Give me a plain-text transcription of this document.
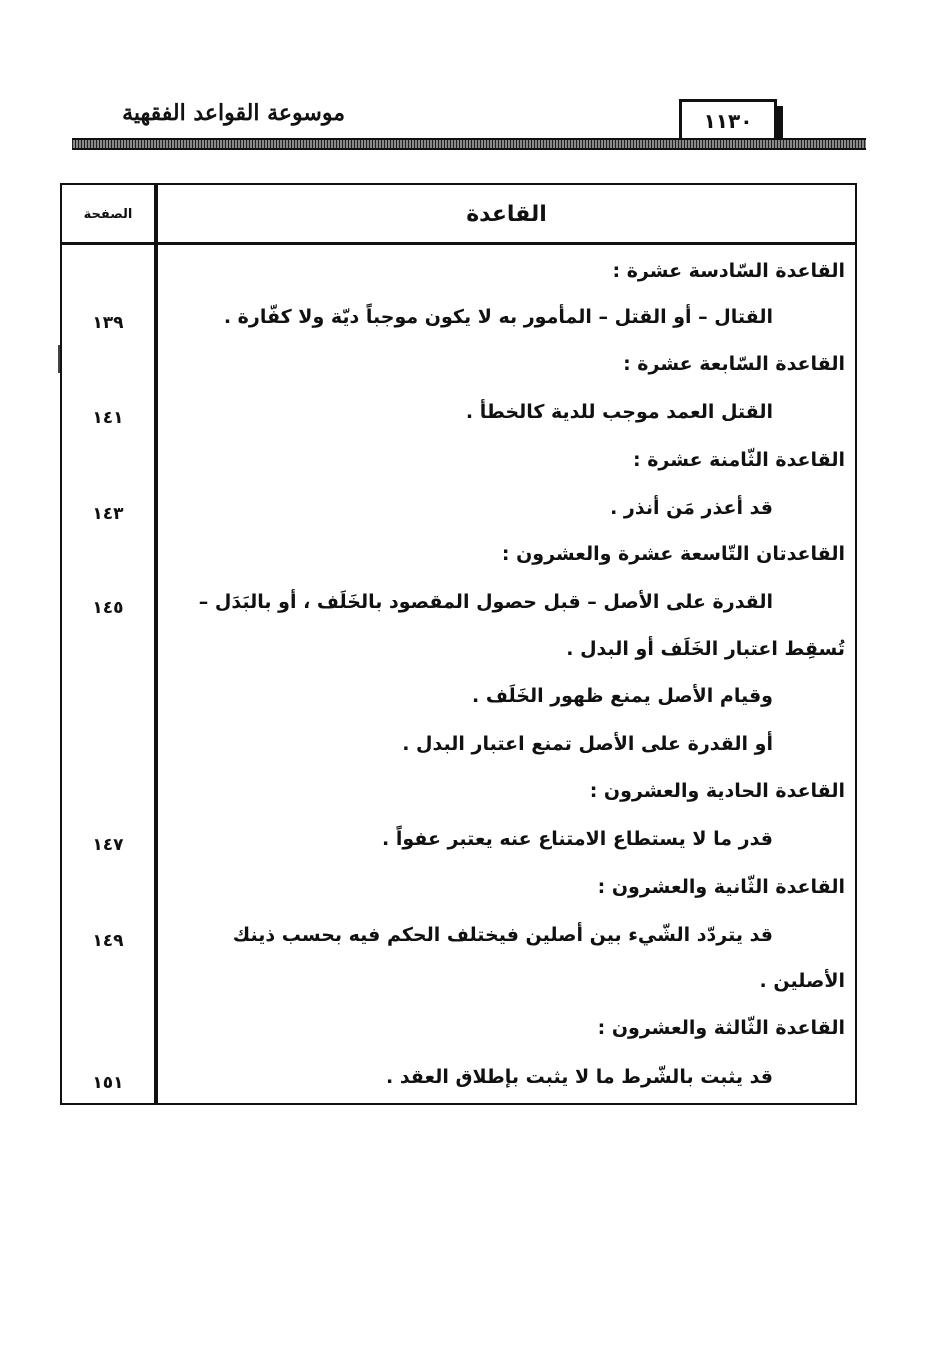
١١٣٠
موسوعة القواعد الفقهية
القاعدة
الصفحة
القاعدة السّادسة عشرة :
القتال – أو القتل – المأمور به لا يكون موجباً ديّة ولا كفّارة .
١٣٩
القاعدة السّابعة عشرة :
القتل العمد موجب للدية كالخطأ .
١٤١
القاعدة الثّامنة عشرة :
قد أعذر مَن أنذر .
١٤٣
القاعدتان التّاسعة عشرة والعشرون :
القدرة على الأصل – قبل حصول المقصود بالخَلَف ، أو بالبَدَل –
١٤٥
تُسقِط اعتبار الخَلَف أو البدل .
وقيام الأصل يمنع ظهور الخَلَف .
أو القدرة على الأصل تمنع اعتبار البدل .
القاعدة الحادية والعشرون :
قدر ما لا يستطاع الامتناع عنه يعتبر عفواً .
١٤٧
القاعدة الثّانية والعشرون :
قد يتردّد الشّيء بين أصلين فيختلف الحكم فيه بحسب ذينك
١٤٩
الأصلين .
القاعدة الثّالثة والعشرون :
قد يثبت بالشّرط ما لا يثبت بإطلاق العقد .
١٥١
